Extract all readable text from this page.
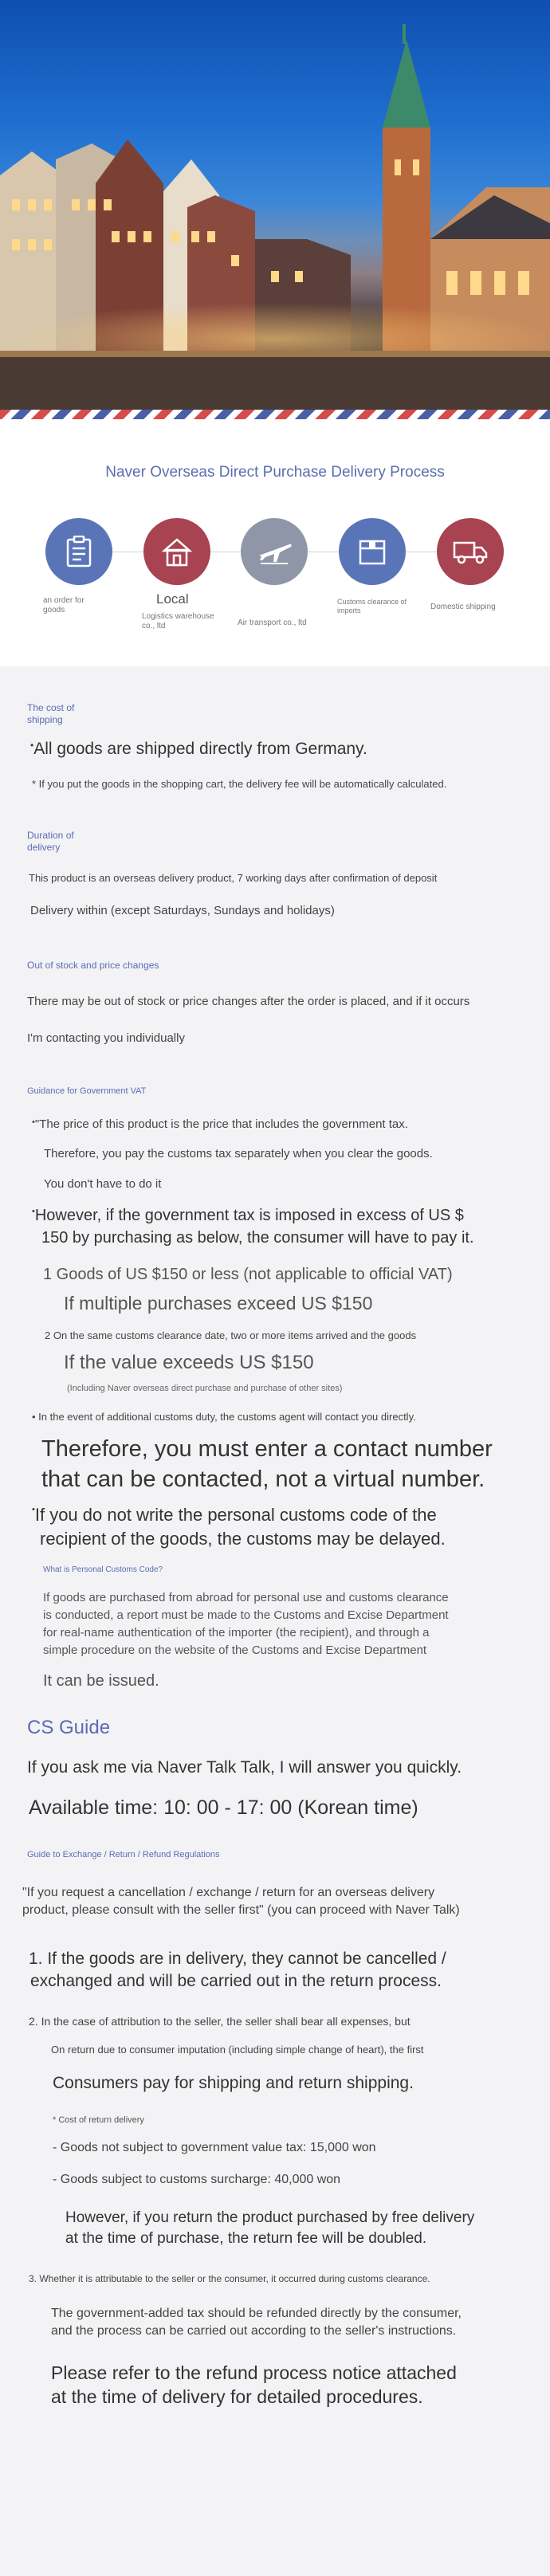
Naver Overseas Direct Purchase Delivery Process
an order for goods
Local
Logistics warehouse co., ltd	Air transport co., ltd
Customs clearance of imports	Domestic shipping
The cost of shipping
•All goods are shipped directly from Germany.
* If you put the goods in the shopping cart, the delivery fee will be automatically calculated.
Duration of delivery
This product is an overseas delivery product, 7 working days after confirmation of deposit
Delivery within (except Saturdays, Sundays and holidays)
Out of stock and price changes
There may be out of stock or price changes after the order is placed, and if it occurs
I'm contacting you individually
Guidance for Government VAT
•"The price of this product is the price that includes the government tax.
Therefore, you pay the customs tax separately when you clear the goods.
You don't have to do it
•However, if the government tax is imposed in excess of US $
150 by purchasing as below, the consumer will have to pay it.
1 Goods of US $150 or less (not applicable to official VAT)
If multiple purchases exceed US $150
2 On the same customs clearance date, two or more items arrived and the goods
If the value exceeds US $150
(Including Naver overseas direct purchase and purchase of other sites)
• In the event of additional customs duty, the customs agent will contact you directly.
Therefore, you must enter a contact number
that can be contacted, not a virtual number.
•If you do not write the personal customs code of the
recipient of the goods, the customs may be delayed.
What is Personal Customs Code?
If goods are purchased from abroad for personal use and customs clearance
is conducted, a report must be made to the Customs and Excise Department
for real-name authentication of the importer (the recipient), and through a
simple procedure on the website of the Customs and Excise Department
It can be issued.
CS Guide
If you ask me via Naver Talk Talk, I will answer you quickly.
Available time: 10: 00 - 17: 00 (Korean time)
Guide to Exchange / Return / Refund Regulations
"If you request a cancellation / exchange / return for an overseas delivery
product, please consult with the seller first" (you can proceed with Naver Talk)
1. If the goods are in delivery, they cannot be cancelled /
exchanged and will be carried out in the return process.
2. In the case of attribution to the seller, the seller shall bear all expenses, but
On return due to consumer imputation (including simple change of heart), the first
Consumers pay for shipping and return shipping.
* Cost of return delivery
- Goods not subject to government value tax: 15,000 won
- Goods subject to customs surcharge: 40,000 won
However, if you return the product purchased by free delivery
at the time of purchase, the return fee will be doubled.
3. Whether it is attributable to the seller or the consumer, it occurred during customs clearance.
The government-added tax should be refunded directly by the consumer,
and the process can be carried out according to the seller's instructions.
Please refer to the refund process notice attached
at the time of delivery for detailed procedures.
